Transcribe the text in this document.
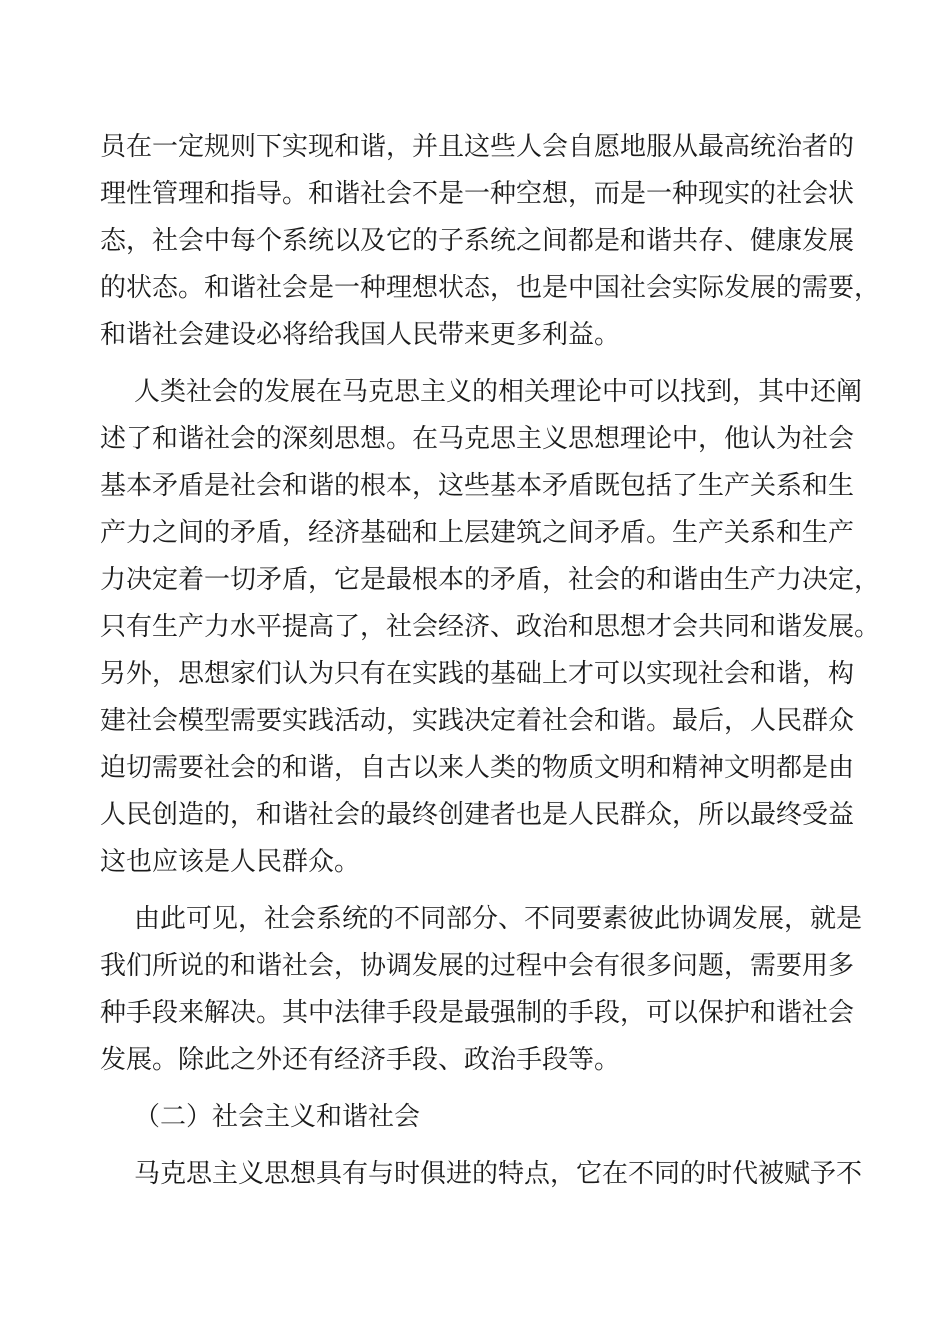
员在一定规则下实现和谐，并且这些人会自愿地服从最高统治者的
理性管理和指导。和谐社会不是一种空想，而是一种现实的社会状
态，社会中每个系统以及它的子系统之间都是和谐共存、健康发展
的状态。和谐社会是一种理想状态，也是中国社会实际发展的需要，
和谐社会建设必将给我国人民带来更多利益。
人类社会的发展在马克思主义的相关理论中可以找到，其中还阐
述了和谐社会的深刻思想。在马克思主义思想理论中，他认为社会
基本矛盾是社会和谐的根本，这些基本矛盾既包括了生产关系和生
产力之间的矛盾，经济基础和上层建筑之间矛盾。生产关系和生产
力决定着一切矛盾，它是最根本的矛盾，社会的和谐由生产力决定，
只有生产力水平提高了，社会经济、政治和思想才会共同和谐发展。
另外，思想家们认为只有在实践的基础上才可以实现社会和谐，构
建社会模型需要实践活动，实践决定着社会和谐。最后，人民群众
迫切需要社会的和谐，自古以来人类的物质文明和精神文明都是由
人民创造的，和谐社会的最终创建者也是人民群众，所以最终受益
这也应该是人民群众。
由此可见，社会系统的不同部分、不同要素彼此协调发展，就是
我们所说的和谐社会，协调发展的过程中会有很多问题，需要用多
种手段来解决。其中法律手段是最强制的手段，可以保护和谐社会
发展。除此之外还有经济手段、政治手段等。
（二）社会主义和谐社会
马克思主义思想具有与时俱进的特点，它在不同的时代被赋予不
